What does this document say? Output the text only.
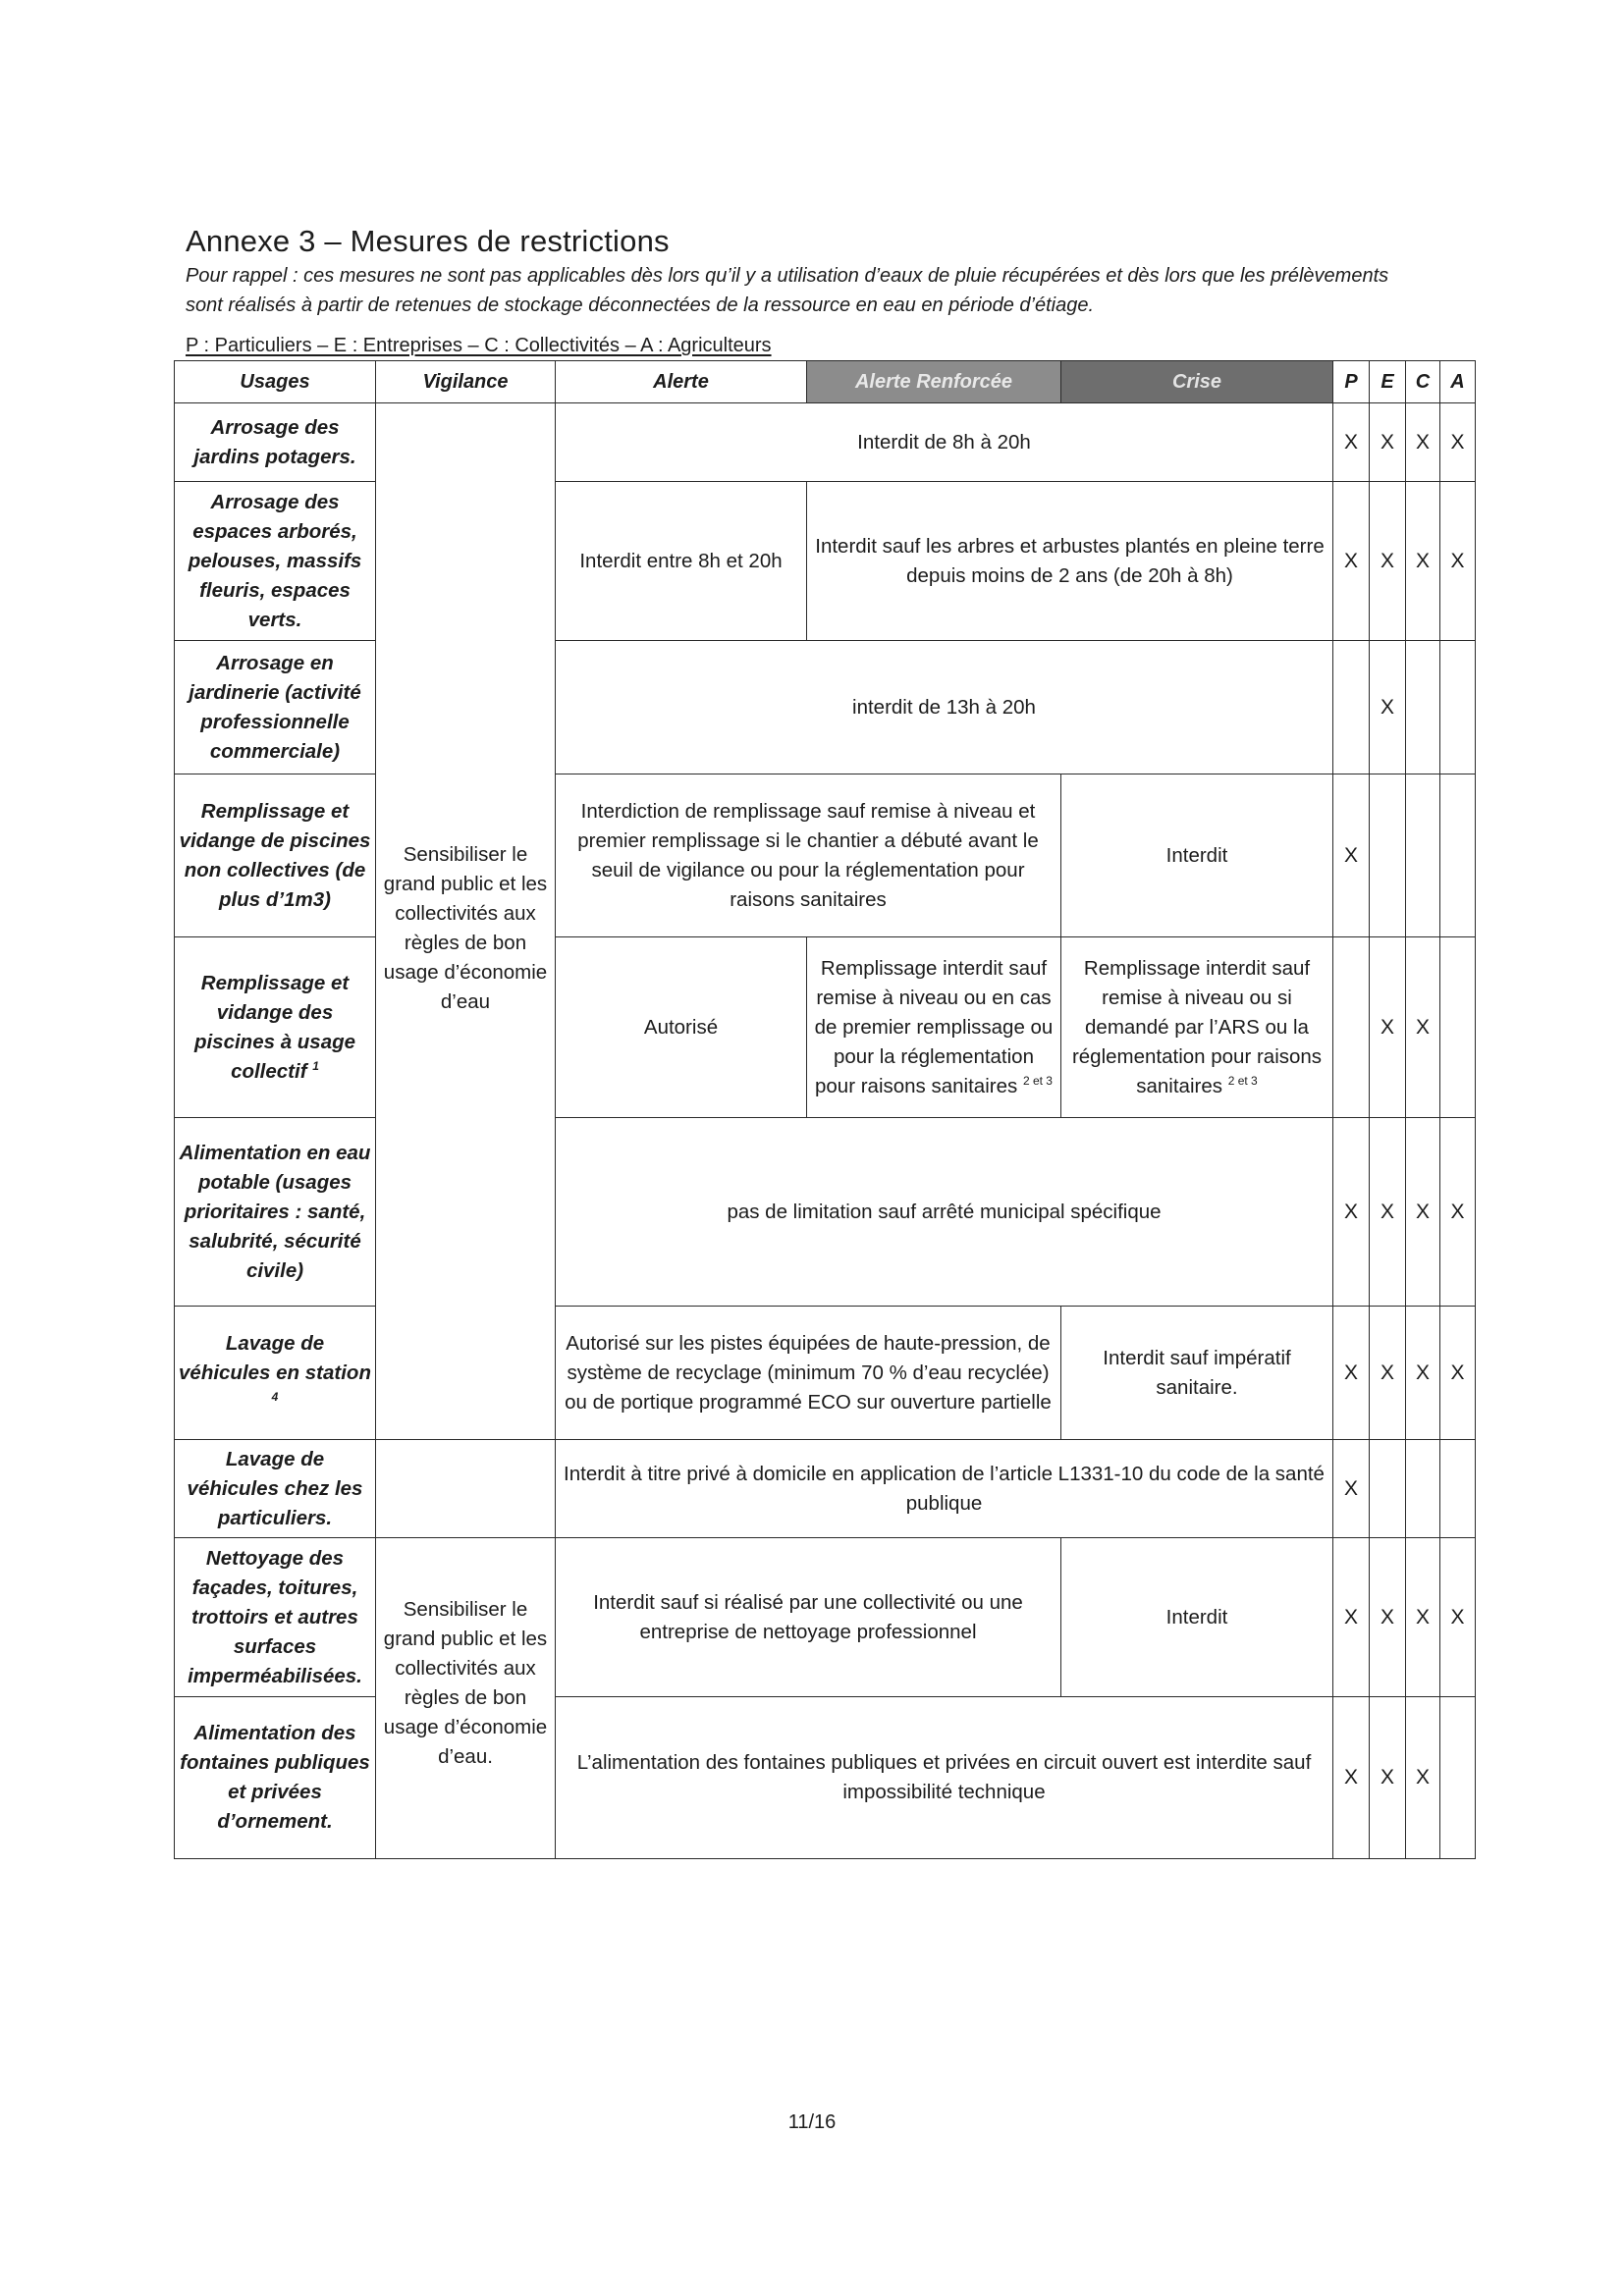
Annexe 3 – Mesures de restrictions
Pour rappel : ces mesures ne sont pas applicables dès lors qu’il y a utilisation d’eaux de pluie récupérées et dès lors que les prélèvements sont réalisés à partir de retenues de stockage déconnectées de la ressource en eau en période d’étiage.
P : Particuliers – E : Entreprises – C : Collectivités – A : Agriculteurs
Usages	Vigilance	Alerte	Alerte Renforcée	Crise	P	E	C	A
Arrosage des jardins potagers.	Sensibiliser le grand public et les collectivités aux règles de bon usage d’économie d’eau	Interdit de 8h à 20h			X	X	X	X
Arrosage des espaces arborés, pelouses, massifs fleuris, espaces verts.		Interdit entre 8h et 20h	Interdit sauf les arbres et arbustes plantés en pleine terre depuis moins de 2 ans (de 20h à 8h)		X	X	X	X
Arrosage en jardinerie (activité professionnelle commerciale)		interdit de 13h à 20h				X		
Remplissage et vidange de piscines non collectives (de plus d’1m3)		Interdiction de remplissage sauf remise à niveau et premier remplissage si le chantier a débuté avant le seuil de vigilance ou pour la réglementation pour raisons sanitaires		Interdit	X			
Remplissage et vidange des piscines à usage collectif $^1$		Autorisé	Remplissage interdit sauf remise à niveau ou en cas de premier remplissage ou pour la réglementation pour raisons sanitaires $^{2 et 3}$	Remplissage interdit sauf remise à niveau ou si demandé par l’ARS ou la réglementation pour raisons sanitaires $^{2 et 3}$		X	X	
Alimentation en eau potable (usages prioritaires : santé, salubrité, sécurité civile)		pas de limitation sauf arrêté municipal spécifique			X	X	X	X
Lavage de véhicules en station $^4$		Autorisé sur les pistes équipées de haute-pression, de système de recyclage (minimum 70 % d’eau recyclée) ou de portique programmé ECO sur ouverture partielle		Interdit sauf impératif sanitaire.	X	X	X	X
Lavage de véhicules chez les particuliers.		Interdit à titre privé à domicile en application de l’article L1331-10 du code de la santé publique			X			
Nettoyage des façades, toitures, trottoirs et autres surfaces imperméabilisées.	Sensibiliser le grand public et les collectivités aux règles de bon usage d’économie d’eau.	Interdit sauf si réalisé par une collectivité ou une entreprise de nettoyage professionnel		Interdit	X	X	X	X
Alimentation des fontaines publiques et privées d’ornement.		L’alimentation des fontaines publiques et privées en circuit ouvert est interdite sauf impossibilité technique			X	X	X	
11/16
